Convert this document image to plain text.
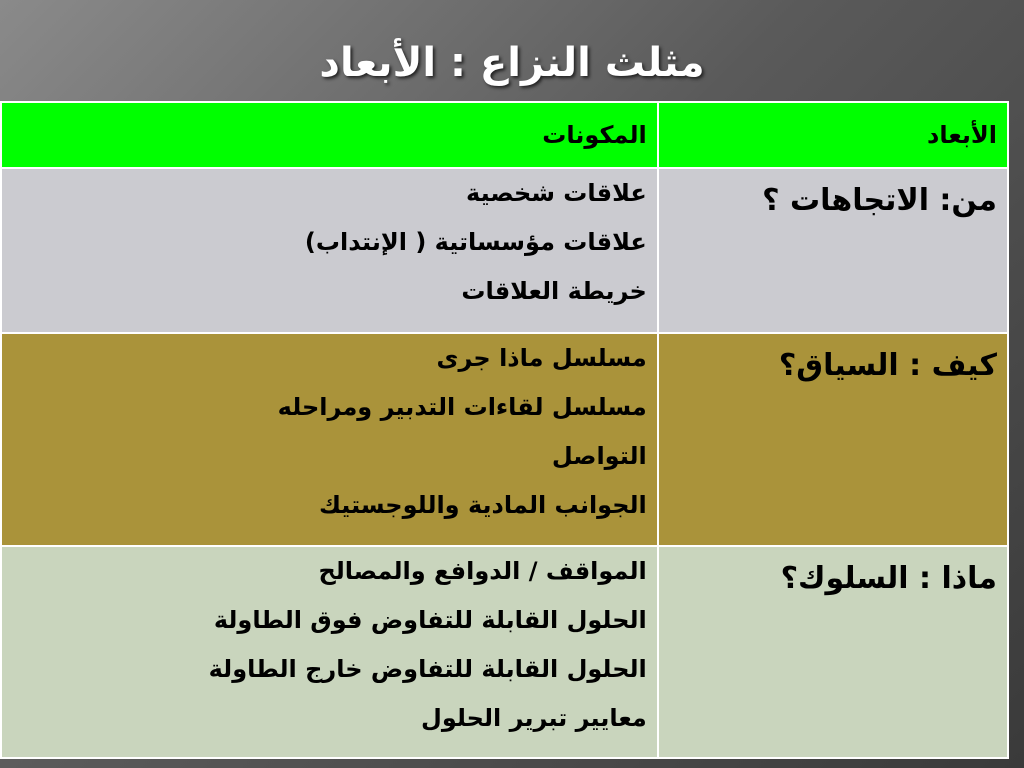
مثلث النزاع : الأبعاد
الأبعاد	المكونات
من: الاتجاهات ؟	علاقات شخصية
علاقات مؤسساتية ( الإنتداب)
خريطة العلاقات

كيف : السياق؟	مسلسل ماذا جرى
مسلسل لقاءات التدبير ومراحله
التواصل
الجوانب المادية واللوجستيك

ماذا : السلوك؟	المواقف / الدوافع والمصالح
الحلول القابلة للتفاوض فوق الطاولة
الحلول القابلة للتفاوض خارج الطاولة
معايير تبرير الحلول
